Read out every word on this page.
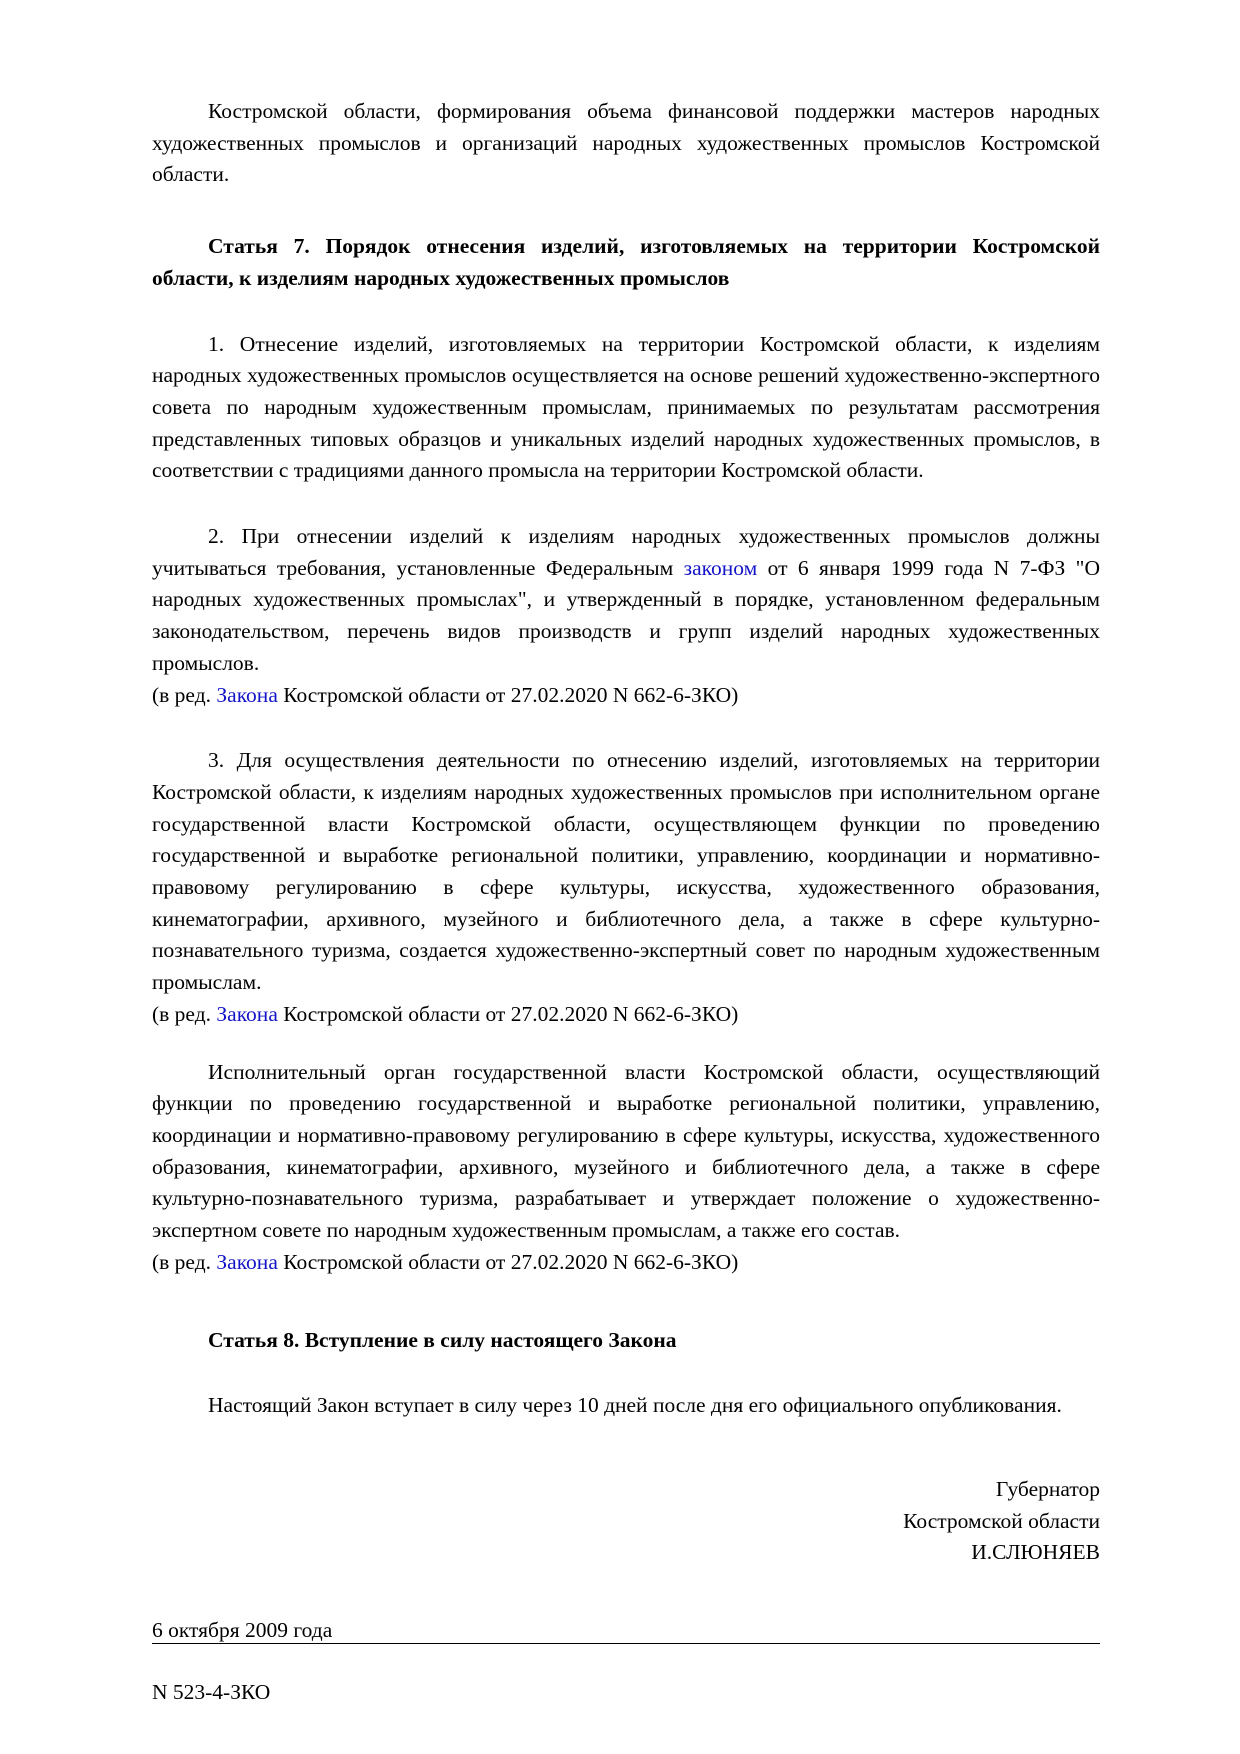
Костромской области, формирования объема финансовой поддержки мастеров народных художественных промыслов и организаций народных художественных промыслов Костромской области.

Статья 7. Порядок отнесения изделий, изготовляемых на территории Костромской области, к изделиям народных художественных промыслов

1. Отнесение изделий, изготовляемых на территории Костромской области, к изделиям народных художественных промыслов осуществляется на основе решений художественно-экспертного совета по народным художественным промыслам, принимаемых по результатам рассмотрения представленных типовых образцов и уникальных изделий народных художественных промыслов, в соответствии с традициями данного промысла на территории Костромской области.

2. При отнесении изделий к изделиям народных художественных промыслов должны учитываться требования, установленные Федеральным законом от 6 января 1999 года N 7-ФЗ "О народных художественных промыслах", и утвержденный в порядке, установленном федеральным законодательством, перечень видов производств и групп изделий народных художественных промыслов.

(в ред. Закона Костромской области от 27.02.2020 N 662-6-ЗКО)

3. Для осуществления деятельности по отнесению изделий, изготовляемых на территории Костромской области, к изделиям народных художественных промыслов при исполнительном органе государственной власти Костромской области, осуществляющем функции по проведению государственной и выработке региональной политики, управлению, координации и нормативно-правовому регулированию в сфере культуры, искусства, художественного образования, кинематографии, архивного, музейного и библиотечного дела, а также в сфере культурно-познавательного туризма, создается художественно-экспертный совет по народным художественным промыслам.

(в ред. Закона Костромской области от 27.02.2020 N 662-6-ЗКО)

Исполнительный орган государственной власти Костромской области, осуществляющий функции по проведению государственной и выработке региональной политики, управлению, координации и нормативно-правовому регулированию в сфере культуры, искусства, художественного образования, кинематографии, архивного, музейного и библиотечного дела, а также в сфере культурно-познавательного туризма, разрабатывает и утверждает положение о художественно-экспертном совете по народным художественным промыслам, а также его состав.

(в ред. Закона Костромской области от 27.02.2020 N 662-6-ЗКО)

Статья 8. Вступление в силу настоящего Закона

Настоящий Закон вступает в силу через 10 дней после дня его официального опубликования.

Губернатор
Костромской области
И.СЛЮНЯЕВ
6 октября 2009 года
N 523-4-ЗКО
